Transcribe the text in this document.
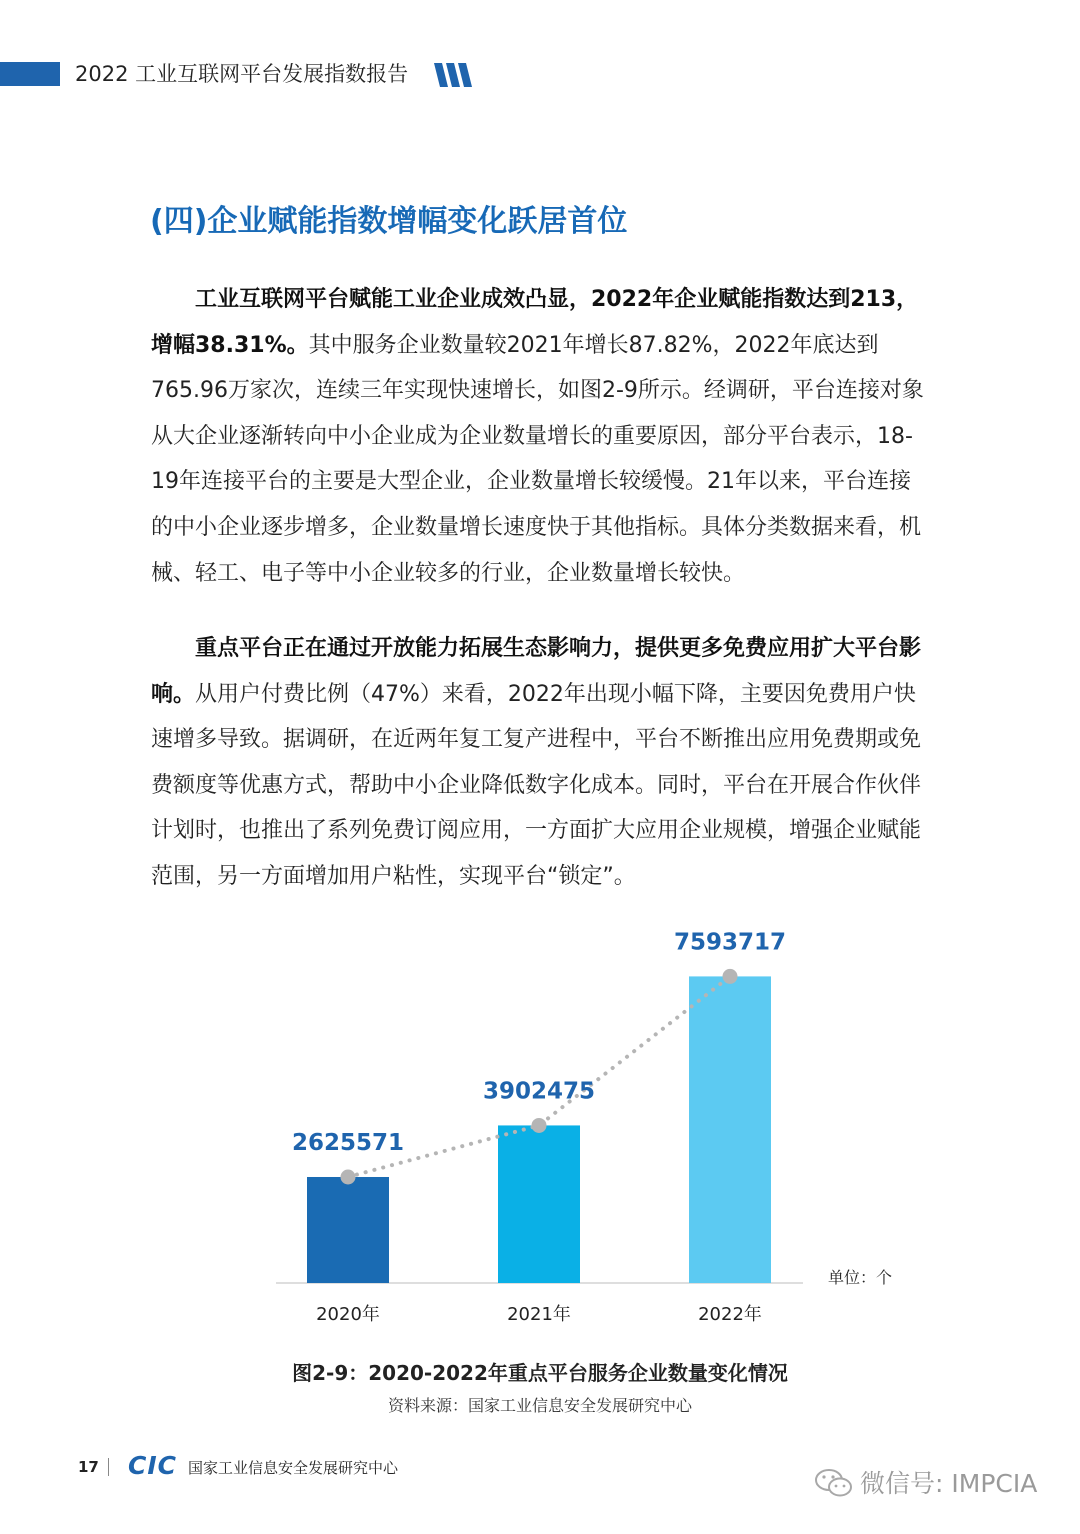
2022 工业互联网平台发展指数报告
(四)企业赋能指数增幅变化跃居首位

工业互联网平台赋能工业企业成效凸显，2022年企业赋能指数达到213，增幅38.31%。其中服务企业数量较2021年增长87.82%，2022年底达到765.96万家次，连续三年实现快速增长，如图2-9所示。经调研，平台连接对象从大企业逐渐转向中小企业成为企业数量增长的重要原因，部分平台表示，18-19年连接平台的主要是大型企业，企业数量增长较缓慢。21年以来，平台连接的中小企业逐步增多，企业数量增长速度快于其他指标。具体分类数据来看，机械、轻工、电子等中小企业较多的行业，企业数量增长较快。

重点平台正在通过开放能力拓展生态影响力，提供更多免费应用扩大平台影响。从用户付费比例（47%）来看，2022年出现小幅下降，主要因免费用户快速增多导致。据调研，在近两年复工复产进程中，平台不断推出应用免费期或免费额度等优惠方式，帮助中小企业降低数字化成本。同时，平台在开展合作伙伴计划时，也推出了系列免费订阅应用，一方面扩大应用企业规模，增强企业赋能范围，另一方面增加用户粘性，实现平台“锁定”。

2625571
2020年
3902475
2021年
7593717
2022年
单位：个
图2-9：2020-2022年重点平台服务企业数量变化情况
资料来源：国家工业信息安全发展研究中心
17 CIC 国家工业信息安全发展研究中心
微信号: IMPCIA
